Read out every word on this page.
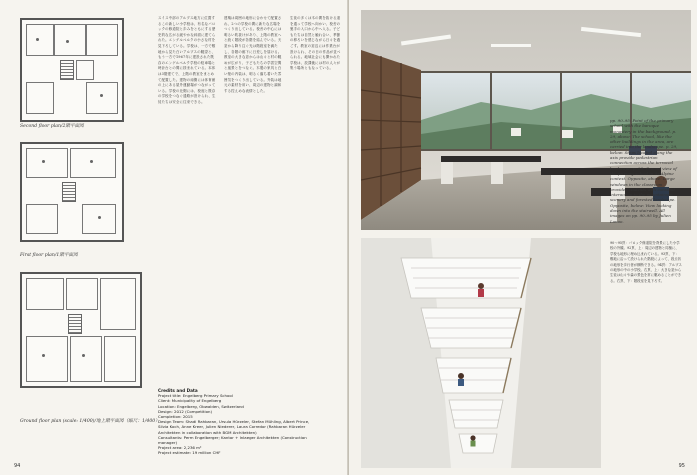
Second floor plan/2階平面図
First floor plan/1階平面図
Ground floor plan (scale: 1/400)/地上階平面図（縮尺：1/400）
スイス中部のアルプス地方に位置するこの新しい小学校は、有名なバロックの修道院と歩みをともにする歴史的な広がる緩やかな斜面に建てられた。エンゲルベルクの小さな村を見下ろしている。学校は、一方で敷地から見た白いアルプスの眺望と、もう一方で1967年に建設された既存のエンゲルベルク学校の駐車場と時計台との間に挟まれている。本体は3階建てで、上階の教室をまとめて配置した。建物の南側には体育館の上にある屋外運動場がつながっている。学校の北側には、校庭と既存の学校をつなぐ通路が設けられ、生徒たちは安全に往来できる。
建築は周囲の地形に合わせて配置され、2つの学校の間に新たな広場をつくり出している。校舎の中心には明るい吹抜けがあり、上階の教室へと続く階段が各階を結んでいる。天窓から降り注ぐ光は階段室を満たし、各階の廊下に日差しを届ける。教室の大きな窓からは山々と村の眺めが広がり、子どもたちの学習空間と風景とをつなぐ。木製の家具と白い壁の内装は、明るく落ち着いた雰囲気をつくり出している。外装は地元の素材を用い、周辺の建物と調和する控えめな表情とした。
生徒の多くは木の間を抜ける道を通って学校へ向かい、校舎の裏手の入口から中へ入る。子どもたちは自然と触れ合い、季節の移ろいを感じながら日々を過ごす。教室の窓辺には作業台が設けられ、その日の作品が並べられる。地域社会にも開かれた学校は、放課後には村の人々が集う場所ともなっている。
Credits and Data
Project title: Engelberg Primary School
Client: Municipality of Engelberg
Location: Engelberg, Obwalden, Switzerland
Design: 2012 (Competition)
Completion: 2015
Design Team: Shadi Rahbaran, Ursula Hürzeler, Stefan Mühling, Albert Prince,
Silvia Koch, Anne Kreer, Julien Niederer, Laura Corredor (Rahbaran Hürzeler
Architekten in collaboration with BGM Architekten)
Consultants: Perm Engelberger; Kantor + Inlaeger Architekten (Construction
manager)
Project area: 2,236 m²
Project estimate: 19 million CHF
94
pp. 90–95: Point of the primary school with the baroque monastery in the background. p. 29, above: The school, like the other buildings in the area, are carried into the landscape. p. 29, below: Steps located along the axis provide pedestrian connection across the terraced landscape. p. 28: Ground view of the primary school in its Alpine context. Opposite, above: Large windows in the classroom provides students with constant interaction to the mountainous scenery and forested landscape. Opposite, below: View looking down into the stairwell. All images on pp. 90–95 by Julien Lanoo.
90〜95頁：バロック修道院を背景にした小学校の外観。92頁、上：周辺の建物と同様に、学校も地形に埋め込まれている。93頁、下：敷地に沿って設けられた階段によって、段丘状の地形を歩行者が横断できる。94頁：アルプスの地形の中の小学校。右頁、上：大きな窓から生徒は山々や森の景色を常に眺めることができる。右頁、下：階段室を見下ろす。
95
